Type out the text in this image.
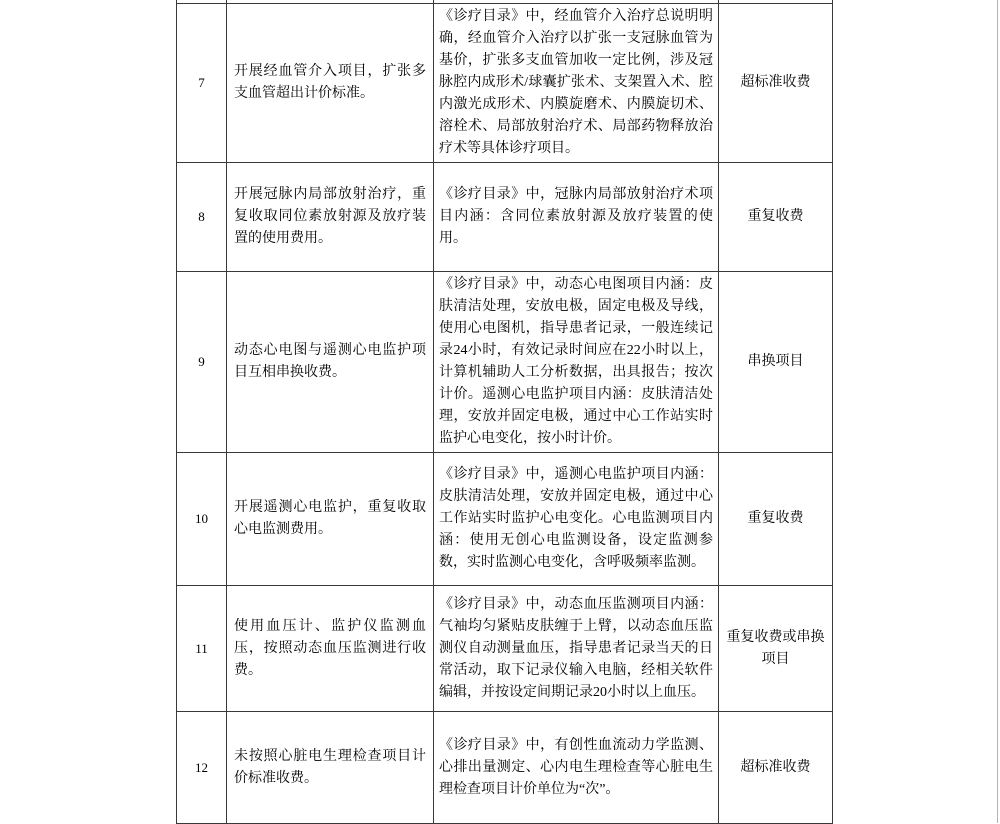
7	开展经血管介入项目，扩张多支血管超出计价标准。	《诊疗目录》中，经血管介入治疗总说明明确，经血管介入治疗以扩张一支冠脉血管为基价，扩张多支血管加收一定比例，涉及冠脉腔内成形术/球囊扩张术、支架置入术、腔内激光成形术、内膜旋磨术、内膜旋切术、溶栓术、局部放射治疗术、局部药物释放治疗术等具体诊疗项目。	超标准收费
8	开展冠脉内局部放射治疗，重复收取同位素放射源及放疗装置的使用费用。	《诊疗目录》中，冠脉内局部放射治疗术项目内涵：含同位素放射源及放疗装置的使用。	重复收费
9	动态心电图与遥测心电监护项目互相串换收费。	《诊疗目录》中，动态心电图项目内涵：皮肤清洁处理，安放电极，固定电极及导线，使用心电图机，指导患者记录，一般连续记录24小时，有效记录时间应在22小时以上，计算机辅助人工分析数据，出具报告；按次计价。遥测心电监护项目内涵：皮肤清洁处理，安放并固定电极，通过中心工作站实时监护心电变化，按小时计价。	串换项目
10	开展遥测心电监护，重复收取心电监测费用。	《诊疗目录》中，遥测心电监护项目内涵：皮肤清洁处理，安放并固定电极，通过中心工作站实时监护心电变化。心电监测项目内涵：使用无创心电监测设备，设定监测参数，实时监测心电变化，含呼吸频率监测。	重复收费
11	使用血压计、监护仪监测血压，按照动态血压监测进行收费。	《诊疗目录》中，动态血压监测项目内涵：气袖均匀紧贴皮肤缠于上臂，以动态血压监测仪自动测量血压，指导患者记录当天的日常活动，取下记录仪输入电脑，经相关软件编辑，并按设定间期记录20小时以上血压。	重复收费或串换项目
12	未按照心脏电生理检查项目计价标准收费。	《诊疗目录》中，有创性血流动力学监测、心排出量测定、心内电生理检查等心脏电生理检查项目计价单位为“次”。	超标准收费
